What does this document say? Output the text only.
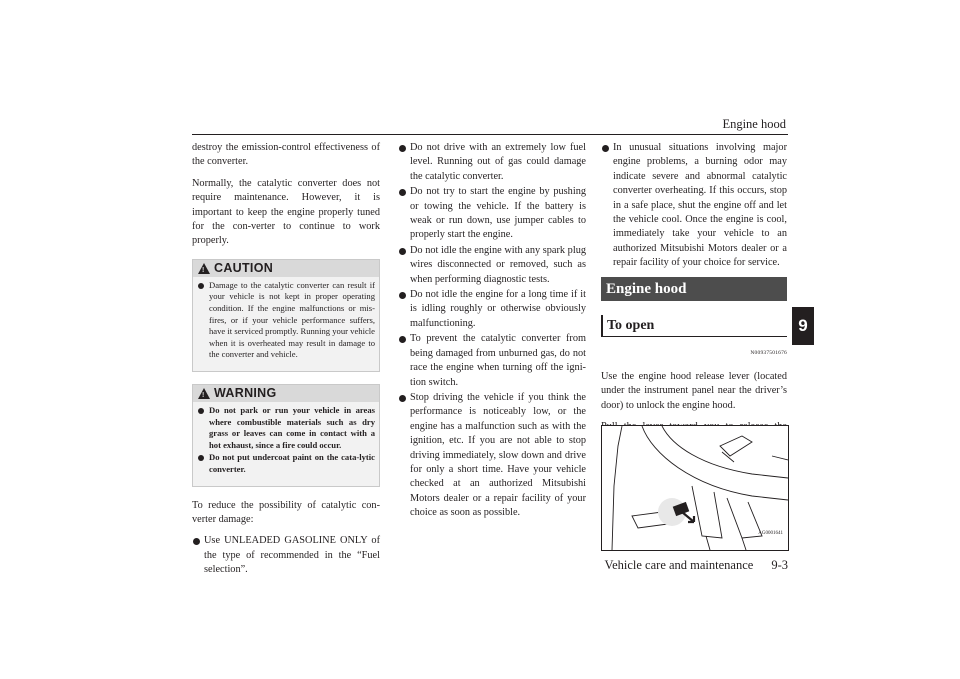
Engine hood
9

destroy the emission-control effectiveness of the converter.

Normally, the catalytic converter does not require maintenance. However, it is important to keep the engine properly tuned for the con-verter to continue to work properly.

!
CAUTION
Damage to the catalytic converter can result if your vehicle is not kept in proper operating condition. If the engine malfunctions or mis-fires, or if your vehicle performance suffers, have it serviced promptly. Running your vehicle when it is overheated may result in damage to the converter and vehicle.
!
WARNING
Do not park or run your vehicle in areas where combustible materials such as dry grass or leaves can come in contact with a hot exhaust, since a fire could occur.
Do not put undercoat paint on the cata-lytic converter.

To reduce the possibility of catalytic con-verter damage:

Use UNLEADED GASOLINE ONLY of the type of recommended in the “Fuel selection”.
Do not drive with an extremely low fuel level. Running out of gas could damage the catalytic converter.
Do not try to start the engine by pushing or towing the vehicle. If the battery is weak or run down, use jumper cables to properly start the engine.
Do not idle the engine with any spark plug wires disconnected or removed, such as when performing diagnostic tests.
Do not idle the engine for a long time if it is idling roughly or otherwise obviously malfunctioning.
To prevent the catalytic converter from being damaged from unburned gas, do not race the engine when turning off the igni-tion switch.
Stop driving the vehicle if you think the performance is noticeably low, or the engine has a malfunction such as with the ignition, etc. If you are not able to stop driving immediately, slow down and drive for only a short time. Have your vehicle checked at an authorized Mitsubishi Motors dealer or a repair facility of your choice as soon as possible.
In unusual situations involving major engine problems, a burning odor may indicate severe and abnormal catalytic converter overheating. If this occurs, stop in a safe place, shut the engine off and let the vehicle cool. Once the engine is cool, immediately take your vehicle to an authorized Mitsubishi Motors dealer or a repair facility of your choice for service.
Engine hood
To open
N00937501676

Use the engine hood release lever (located under the instrument panel near the driver’s door) to unlock the engine hood.

AG0001641
Vehicle care and maintenance 9-3
